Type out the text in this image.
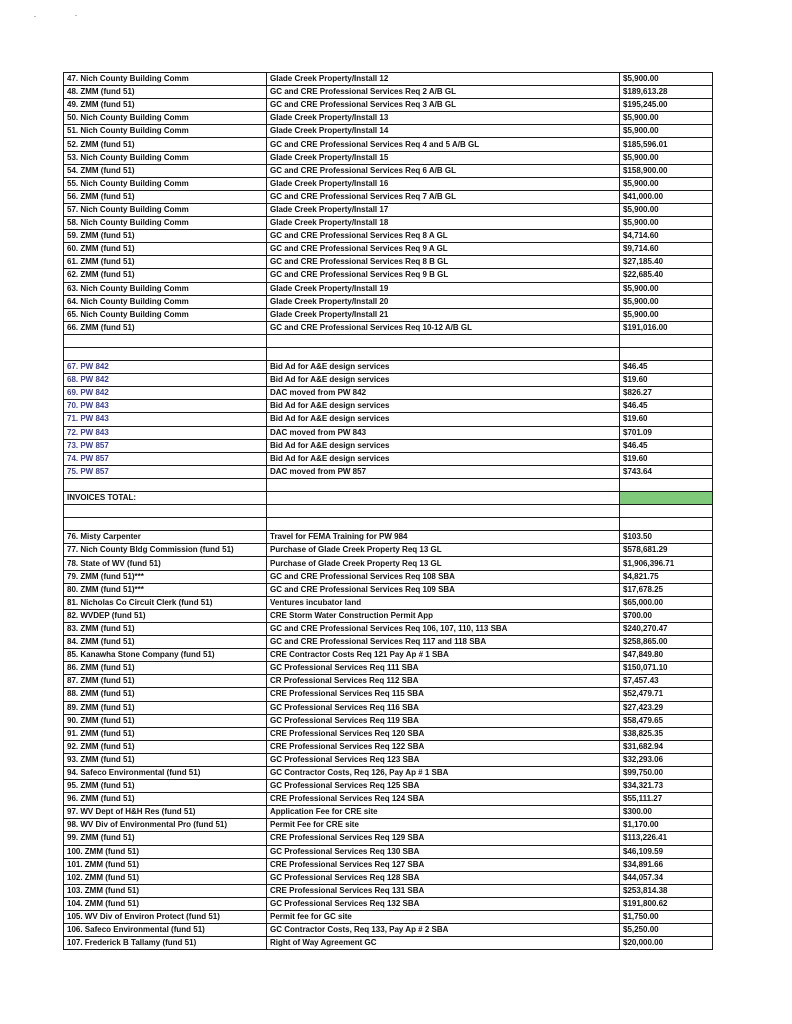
47. Nich County Building Comm	Glade Creek Property/Install 12	$5,900.00
48. ZMM (fund 51)	GC and CRE Professional Services Req 2 A/B GL	$189,613.28
49. ZMM (fund 51)	GC and CRE Professional Services Req 3 A/B GL	$195,245.00
50. Nich County Building Comm	Glade Creek Property/Install 13	$5,900.00
51. Nich County Building Comm	Glade Creek Property/Install 14	$5,900.00
52. ZMM (fund 51)	GC and CRE Professional Services Req 4 and 5 A/B GL	$185,596.01
53. Nich County Building Comm	Glade Creek Property/Install 15	$5,900.00
54. ZMM (fund 51)	GC and CRE Professional Services Req 6 A/B GL	$158,900.00
55. Nich County Building Comm	Glade Creek Property/Install 16	$5,900.00
56. ZMM (fund 51)	GC and CRE Professional Services Req 7 A/B GL	$41,000.00
57. Nich County Building Comm	Glade Creek Property/Install 17	$5,900.00
58. Nich County Building Comm	Glade Creek Property/Install 18	$5,900.00
59. ZMM (fund 51)	GC and CRE Professional Services Req 8 A GL	$4,714.60
60. ZMM (fund 51)	GC and CRE Professional Services Req 9 A GL	$9,714.60
61. ZMM (fund 51)	GC and CRE Professional Services Req 8 B GL	$27,185.40
62. ZMM (fund 51)	GC and CRE Professional Services Req 9 B GL	$22,685.40
63. Nich County Building Comm	Glade Creek Property/Install 19	$5,900.00
64. Nich County Building Comm	Glade Creek Property/Install 20	$5,900.00
65. Nich County Building Comm	Glade Creek Property/Install 21	$5,900.00
66. ZMM (fund 51)	GC and CRE Professional Services Req 10-12 A/B GL	$191,016.00

67. PW 842	Bid Ad for A&E design services	$46.45
68. PW 842	Bid Ad for A&E design services	$19.60
69. PW 842	DAC moved from PW 842	$826.27
70. PW 843	Bid Ad for A&E design services	$46.45
71. PW 843	Bid Ad for A&E design services	$19.60
72. PW 843	DAC moved from PW 843	$701.09
73. PW 857	Bid Ad for A&E design services	$46.45
74. PW 857	Bid Ad for A&E design services	$19.60
75. PW 857	DAC moved from PW 857	$743.64

INVOICES TOTAL:		

76. Misty Carpenter	Travel for FEMA Training for PW 984	$103.50
77. Nich County Bldg Commission (fund 51)	Purchase of Glade Creek Property Req 13 GL	$578,681.29
78. State of WV (fund 51)	Purchase of Glade Creek Property Req 13 GL	$1,906,396.71
79. ZMM (fund 51)***	GC and CRE Professional Services Req 108 SBA	$4,821.75
80. ZMM (fund 51)***	GC and CRE Professional Services Req 109 SBA	$17,678.25
81. Nicholas Co Circuit Clerk (fund 51)	Ventures incubator land	$65,000.00
82. WVDEP (fund 51)	CRE Storm Water Construction Permit App	$700.00
83. ZMM (fund 51)	GC and CRE Professional Services Req 106, 107, 110, 113 SBA	$240,270.47
84. ZMM (fund 51)	GC and CRE Professional Services Req 117 and 118 SBA	$258,865.00
85. Kanawha Stone Company (fund 51)	CRE Contractor Costs Req 121 Pay Ap # 1 SBA	$47,849.80
86. ZMM (fund 51)	GC Professional Services Req 111 SBA	$150,071.10
87. ZMM (fund 51)	CR Professional Services Req 112 SBA	$7,457.43
88. ZMM (fund 51)	CRE Professional Services Req 115 SBA	$52,479.71
89. ZMM (fund 51)	GC Professional Services Req 116 SBA	$27,423.29
90. ZMM (fund 51)	GC Professional Services Req 119 SBA	$58,479.65
91. ZMM (fund 51)	CRE Professional Services Req 120 SBA	$38,825.35
92. ZMM (fund 51)	CRE Professional Services Req 122 SBA	$31,682.94
93. ZMM (fund 51)	GC Professional Services Req 123 SBA	$32,293.06
94. Safeco Environmental (fund 51)	GC Contractor Costs, Req 126, Pay Ap # 1 SBA	$99,750.00
95. ZMM (fund 51)	GC Professional Services Req 125 SBA	$34,321.73
96. ZMM (fund 51)	CRE Professional Services Req 124 SBA	$55,111.27
97. WV Dept of H&H Res (fund 51)	Application Fee for CRE site	$300.00
98. WV Div of Environmental Pro (fund 51)	Permit Fee for CRE site	$1,170.00
99. ZMM (fund 51)	CRE Professional Services Req 129 SBA	$113,226.41
100. ZMM (fund 51)	GC Professional Services Req 130 SBA	$46,109.59
101. ZMM (fund 51)	CRE Professional Services Req 127 SBA	$34,891.66
102. ZMM (fund 51)	GC Professional Services Req 128 SBA	$44,057.34
103. ZMM (fund 51)	CRE Professional Services Req 131 SBA	$253,814.38
104. ZMM (fund 51)	GC Professional Services Req 132 SBA	$191,800.62
105. WV Div of Environ Protect (fund 51)	Permit fee for GC site	$1,750.00
106. Safeco Environmental (fund 51)	GC Contractor Costs, Req 133, Pay Ap # 2 SBA	$5,250.00
107. Frederick B Tallamy (fund 51)	Right of Way Agreement GC	$20,000.00
